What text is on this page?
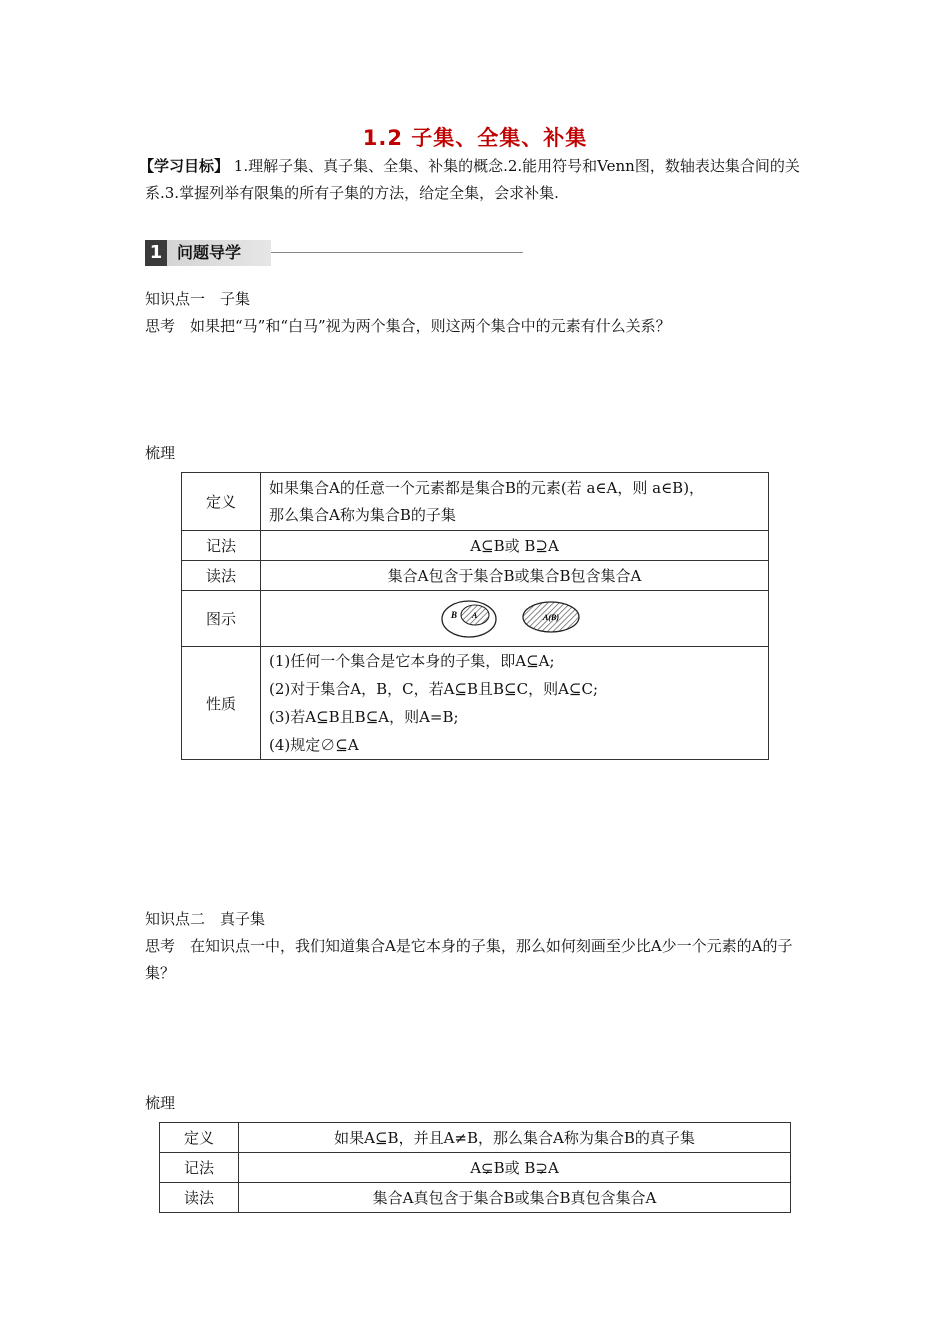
1.2 子集、全集、补集
【学习目标】 1.理解子集、真子集、全集、补集的概念.2.能用符号和Venn图，数轴表达集合间的关系.3.掌握列举有限集的所有子集的方法，给定全集，会求补集.
1 问题导学
知识点一　子集
思考　如果把“马”和“白马”视为两个集合，则这两个集合中的元素有什么关系？
梳理
定义	如果集合A的任意一个元素都是集合B的元素(若 a∈A，则 a∈B)，
那么集合A称为集合B的子集

记法	A⊆B或 B⊇A
读法	集合A包含于集合B或集合B包含集合A
图示	B A A(B)

性质	(1)任何一个集合是它本身的子集，即A⊆A;
(2)对于集合A，B，C，若A⊆B且B⊆C，则A⊆C;
(3)若A⊆B且B⊆A，则A=B;
(4)规定∅⊆A
知识点二　真子集
思考　在知识点一中，我们知道集合A是它本身的子集，那么如何刻画至少比A少一个元素的A的子集？
梳理
定义	如果A⊆B，并且A≠B，那么集合A称为集合B的真子集
记法	A⊊B或 B⊋A
读法	集合A真包含于集合B或集合B真包含集合A
